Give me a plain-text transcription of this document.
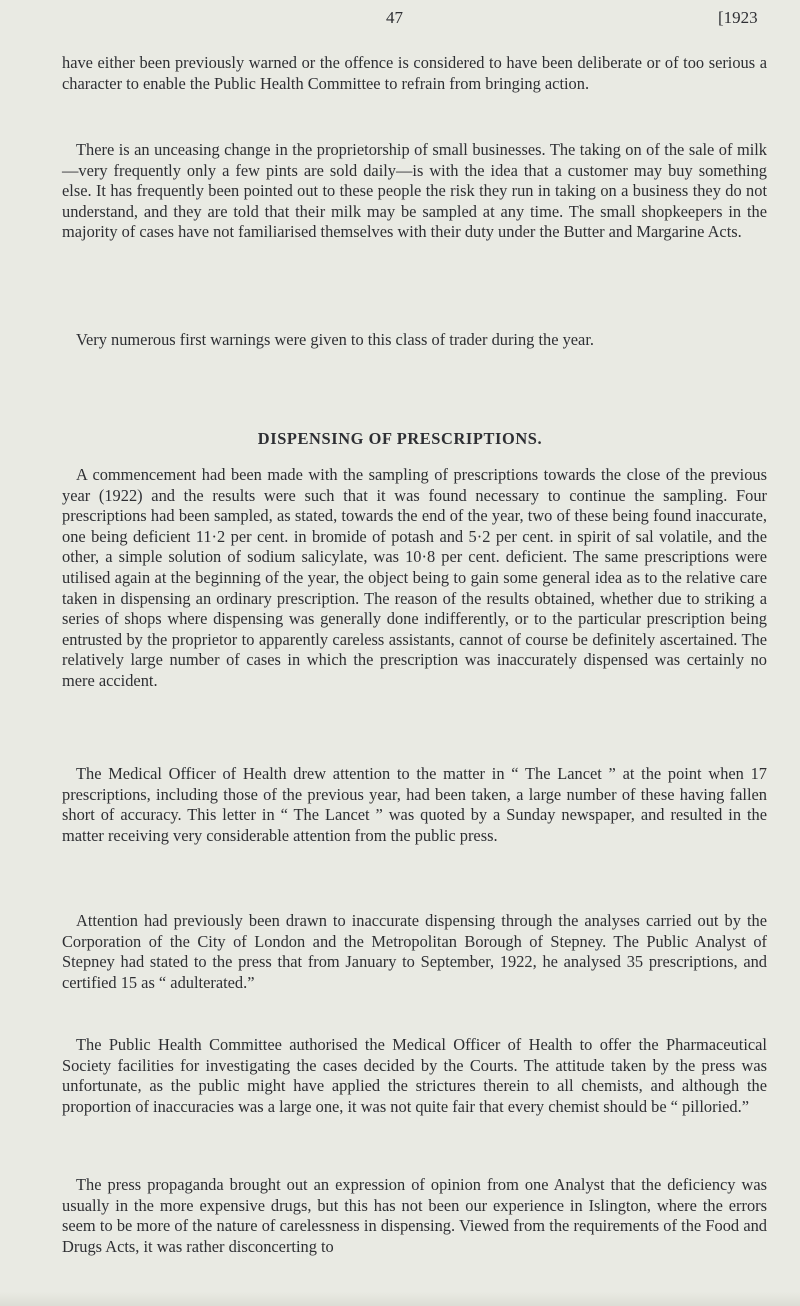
47	[1923

have either been previously warned or the offence is considered to have been deliberate or of too serious a character to enable the Public Health Committee to refrain from bringing action.

There is an unceasing change in the proprietorship of small businesses. The taking on of the sale of milk—very frequently only a few pints are sold daily—is with the idea that a customer may buy something else. It has frequently been pointed out to these people the risk they run in taking on a business they do not understand, and they are told that their milk may be sampled at any time. The small shopkeepers in the majority of cases have not familiarised themselves with their duty under the Butter and Margarine Acts.

Very numerous first warnings were given to this class of trader during the year.

DISPENSING OF PRESCRIPTIONS.

A commencement had been made with the sampling of prescriptions towards the close of the previous year (1922) and the results were such that it was found necessary to continue the sampling. Four prescriptions had been sampled, as stated, towards the end of the year, two of these being found inaccurate, one being deficient 11·2 per cent. in bromide of potash and 5·2 per cent. in spirit of sal volatile, and the other, a simple solution of sodium salicylate, was 10·8 per cent. deficient. The same prescriptions were utilised again at the beginning of the year, the object being to gain some general idea as to the relative care taken in dispensing an ordinary prescription. The reason of the results obtained, whether due to striking a series of shops where dispensing was generally done indifferently, or to the particular prescription being entrusted by the proprietor to apparently careless assistants, cannot of course be definitely ascertained. The relatively large number of cases in which the prescription was inaccurately dispensed was certainly no mere accident.

The Medical Officer of Health drew attention to the matter in “ The Lancet ” at the point when 17 prescriptions, including those of the previous year, had been taken, a large number of these having fallen short of accuracy. This letter in “ The Lancet ” was quoted by a Sunday newspaper, and resulted in the matter receiving very considerable attention from the public press.

Attention had previously been drawn to inaccurate dispensing through the analyses carried out by the Corporation of the City of London and the Metropolitan Borough of Stepney. The Public Analyst of Stepney had stated to the press that from January to September, 1922, he analysed 35 prescriptions, and certified 15 as “ adulterated.”

The Public Health Committee authorised the Medical Officer of Health to offer the Pharmaceutical Society facilities for investigating the cases decided by the Courts. The attitude taken by the press was unfortunate, as the public might have applied the strictures therein to all chemists, and although the proportion of inaccuracies was a large one, it was not quite fair that every chemist should be “ pilloried.”

The press propaganda brought out an expression of opinion from one Analyst that the deficiency was usually in the more expensive drugs, but this has not been our experience in Islington, where the errors seem to be more of the nature of carelessness in dispensing. Viewed from the requirements of the Food and Drugs Acts, it was rather disconcerting to
